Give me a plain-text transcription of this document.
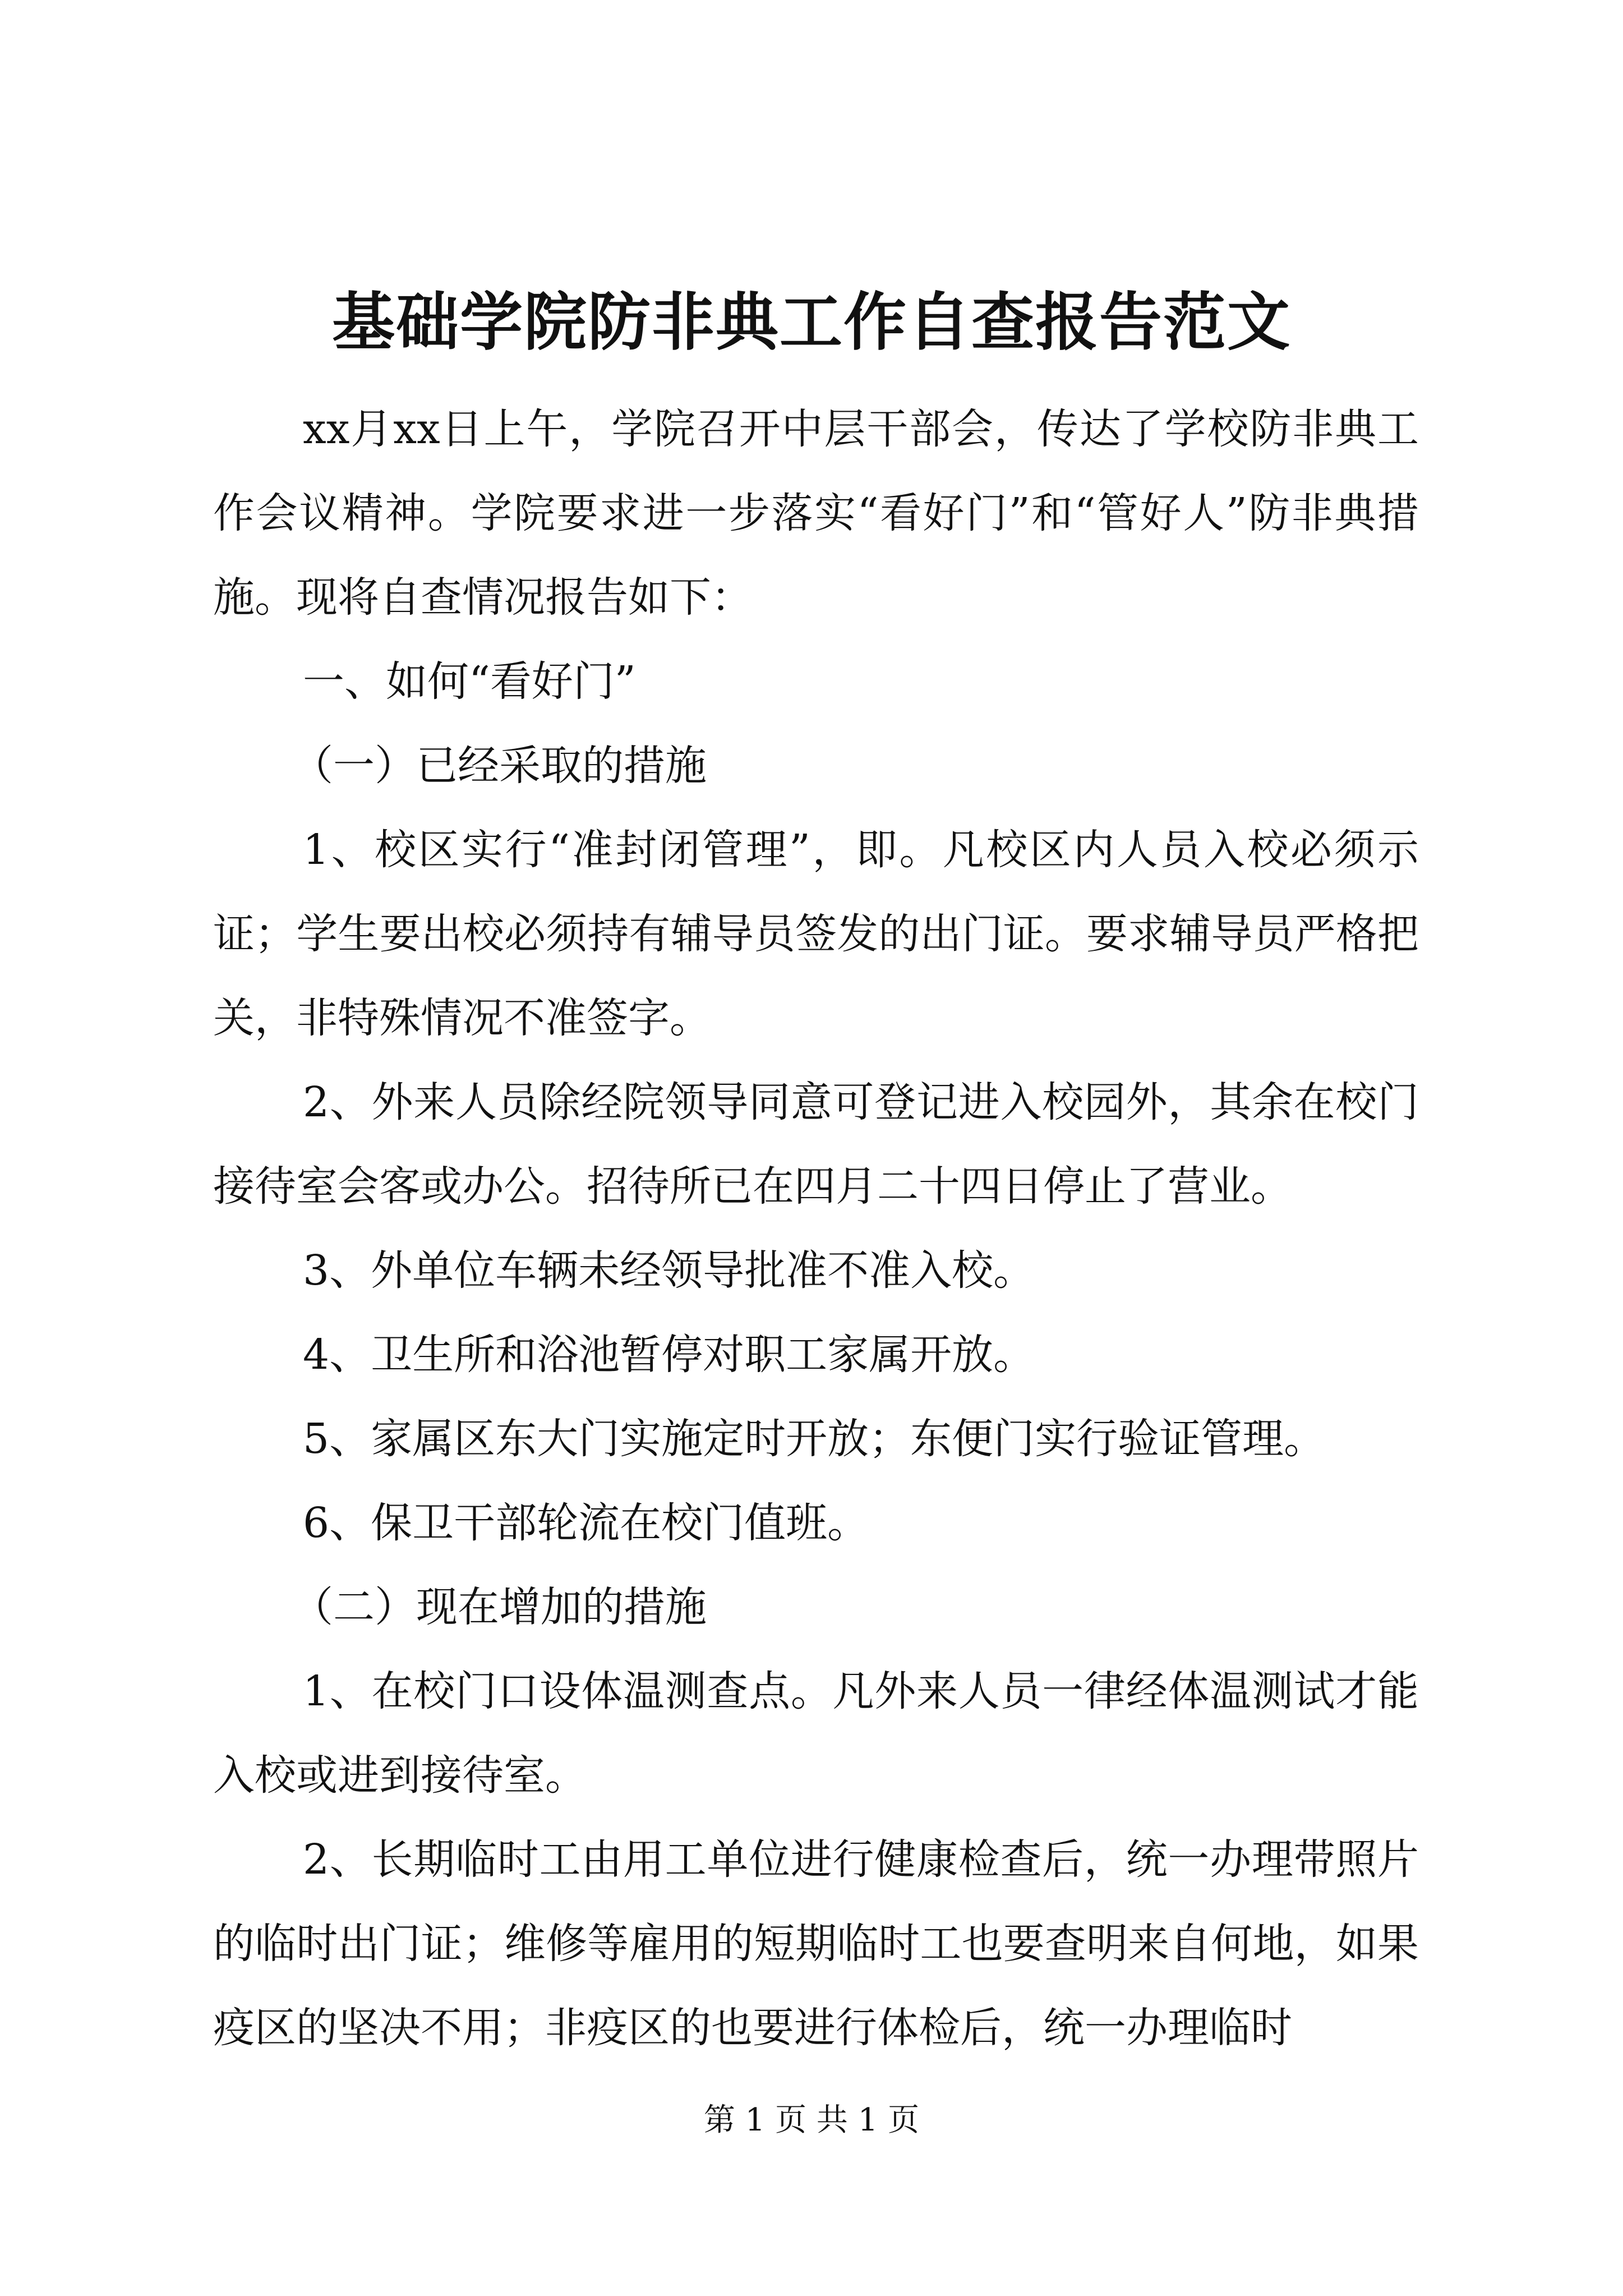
基础学院防非典工作自查报告范文

xx月xx日上午，学院召开中层干部会，传达了学校防非典工作会议精神。学院要求进一步落实“看好门”和“管好人”防非典措施。现将自查情况报告如下：

一、如何“看好门”

（一）已经采取的措施

1、校区实行“准封闭管理”，即。凡校区内人员入校必须示证；学生要出校必须持有辅导员签发的出门证。要求辅导员严格把关，非特殊情况不准签字。

2、外来人员除经院领导同意可登记进入校园外，其余在校门接待室会客或办公。招待所已在四月二十四日停止了营业。

3、外单位车辆未经领导批准不准入校。

4、卫生所和浴池暂停对职工家属开放。

5、家属区东大门实施定时开放；东便门实行验证管理。

6、保卫干部轮流在校门值班。

（二）现在增加的措施

1、在校门口设体温测查点。凡外来人员一律经体温测试才能入校或进到接待室。

2、长期临时工由用工单位进行健康检查后，统一办理带照片的临时出门证；维修等雇用的短期临时工也要查明来自何地，如果疫区的坚决不用；非疫区的也要进行体检后，统一办理临时

第 1 页 共 1 页
